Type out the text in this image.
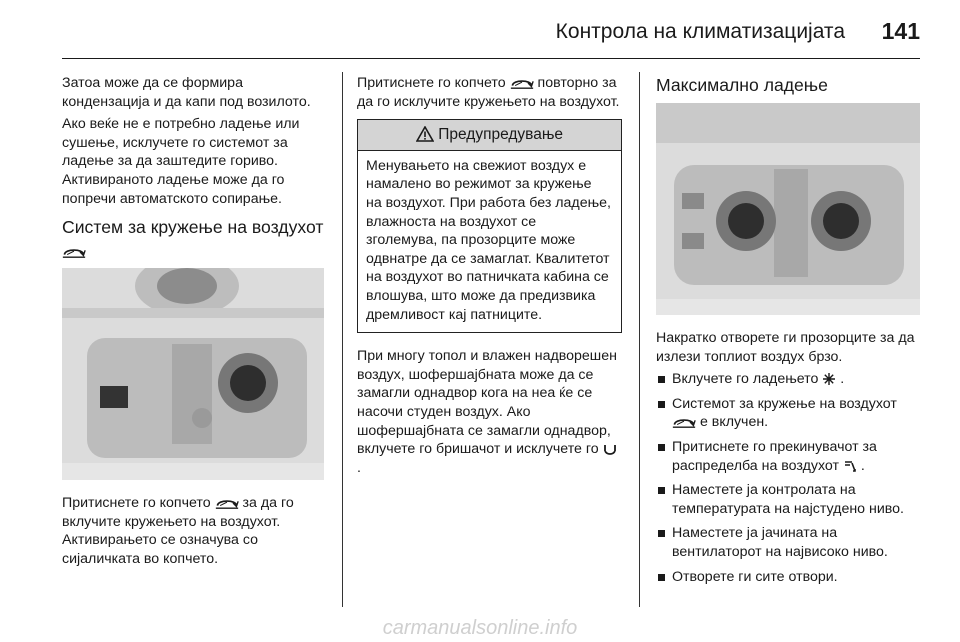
Контрола на климатизацијата 141

Затоа може да се формира кондензација и да капи под возилото.

Ако веќе не е потребно ладење или сушење, исклучете го системот за ладење за да заштедите гориво. Активираното ладење може да го попречи автоматското сопирање.

Систем за кружење на воздухот

Притиснете го копчето за да го вклучите кружењето на воздухот. Активирањето се означува со сијаличката во копчето.

Притиснете го копчето повторно за да го исклучите кружењето на воздухот.

Предупредување
Менувањето на свежиот воздух е намалено во режимот за кружење на воздухот. При работа без ладење, влажноста на воздухот се зголемува, па прозорците може одвнатре да се замаглат. Квалитетот на воздухот во патничката кабина се влошува, што може да предизвика дремливост кај патниците.

При многу топол и влажен надворешен воздух, шофершајбната може да се замагли однадвор кога на неа ќе се насочи студен воздух. Ако шофершајбната се замагли однадвор, вклучете го бришачот и исклучете го  .

Максимално ладење

Накратко отворете ги прозорците за да излези топлиот воздух брзо.

Вклучете го ладењето .
Системот за кружење на воздухот  е вклучен.
Притиснете го прекинувачот за распределба на воздухот .
Наместете ја контролата на температурата на најстудено ниво.
Наместете ја јачината на вентилаторот на највисоко ниво.
Отворете ги сите отвори.
carmanualsonline.info
